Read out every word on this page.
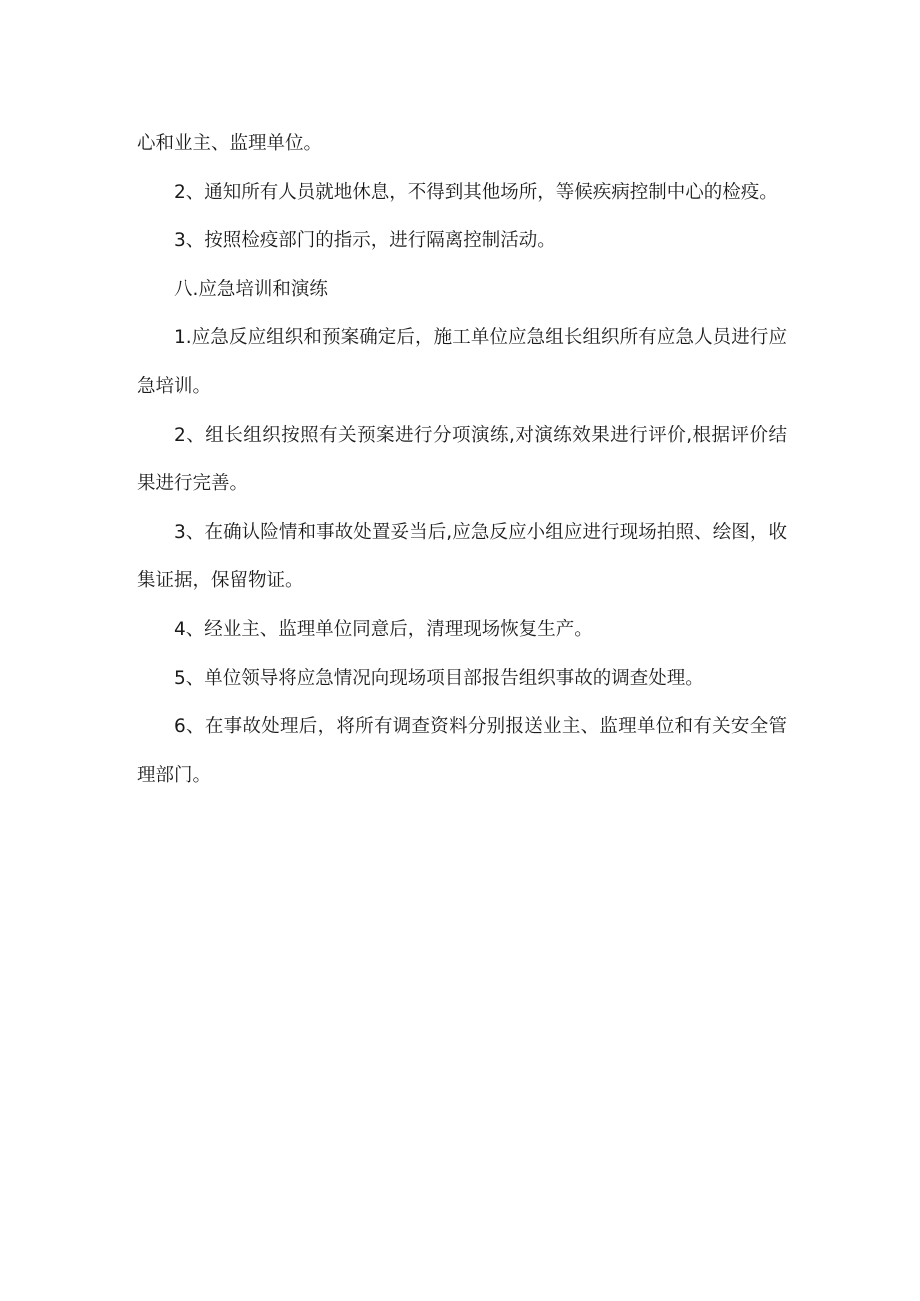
心和业主、监理单位。

2、通知所有人员就地休息，不得到其他场所，等候疾病控制中心的检疫。

3、按照检疫部门的指示，进行隔离控制活动。

八.应急培训和演练

1.应急反应组织和预案确定后，施工单位应急组长组织所有应急人员进行应急培训。

2、组长组织按照有关预案进行分项演练,对演练效果进行评价,根据评价结果进行完善。

3、在确认险情和事故处置妥当后,应急反应小组应进行现场拍照、绘图，收集证据，保留物证。

4、经业主、监理单位同意后，清理现场恢复生产。

5、单位领导将应急情况向现场项目部报告组织事故的调查处理。

6、在事故处理后，将所有调查资料分别报送业主、监理单位和有关安全管理部门。
